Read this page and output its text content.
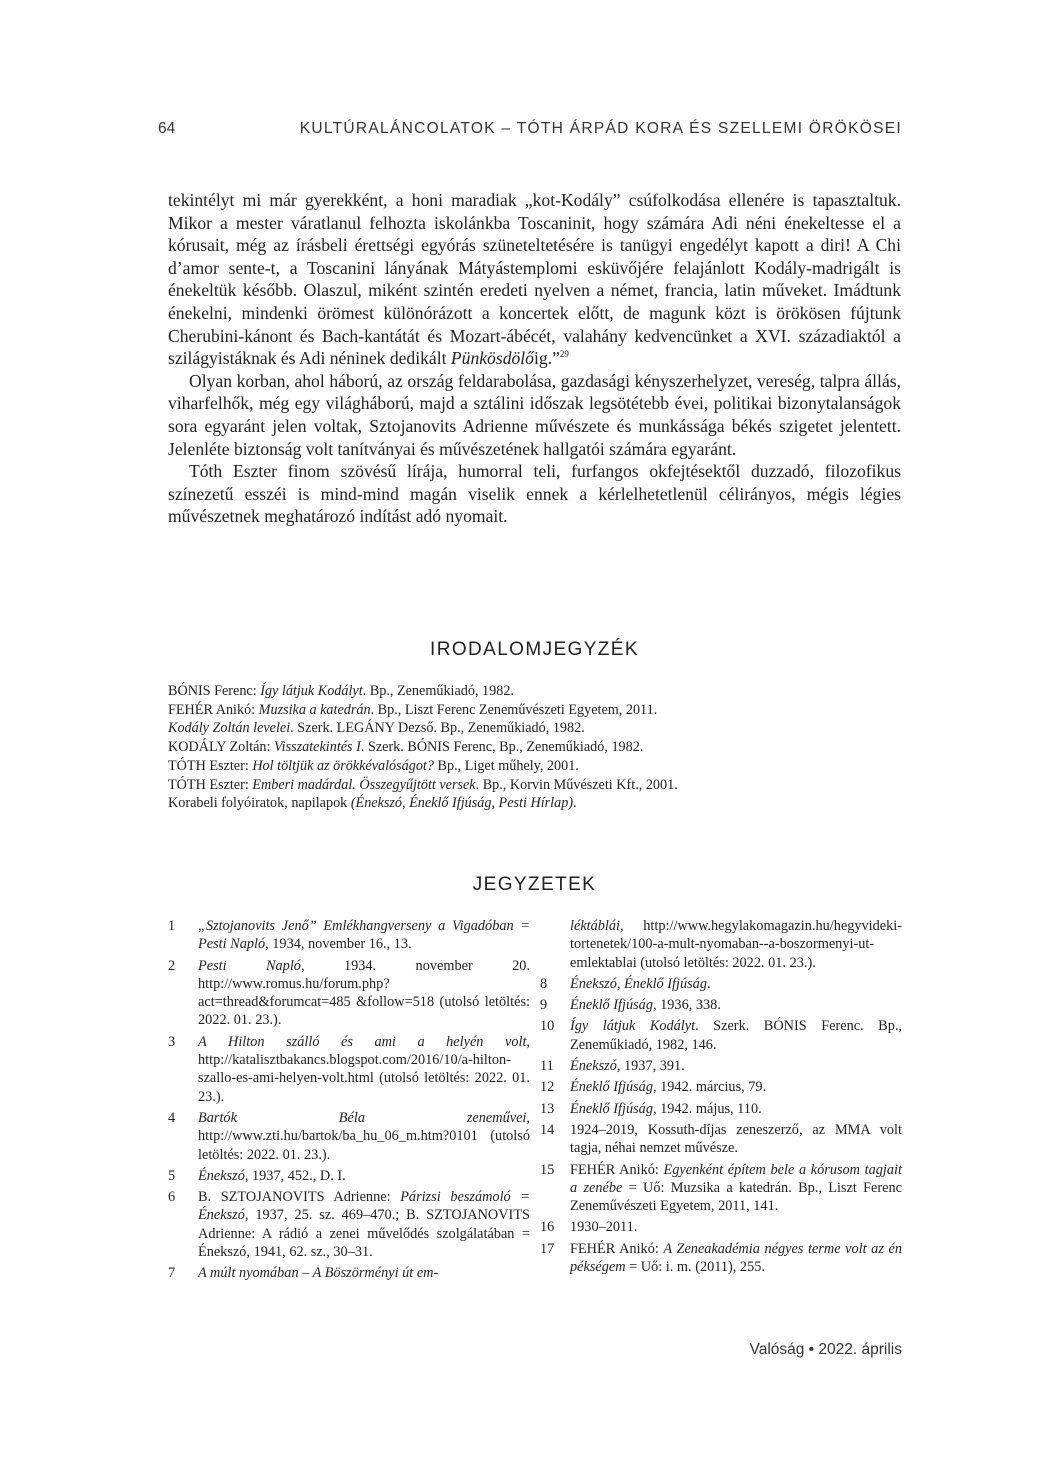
64	KULTÚRALÁNCOLATOK – TÓTH ÁRPÁD KORA ÉS SZELLEMI ÖRÖKÖSEI

tekintélyt mi már gyerekként, a honi maradiak „kot-Kodály” csúfolkodása ellenére is tapasztaltuk. Mikor a mester váratlanul felhozta iskolánkba Toscaninit, hogy számára Adi néni énekeltesse el a kórusait, még az írásbeli érettségi egyórás szüneteltetésére is tanügyi engedélyt kapott a diri! A Chi d’amor sente-t, a Toscanini lányának Mátyástemplomi esküvőjére felajánlott Kodály-madrigált is énekeltük később. Olaszul, miként szintén eredeti nyelven a német, francia, latin műveket. Imádtunk énekelni, mindenki örömest különórázott a koncertek előtt, de magunk közt is örökösen fújtunk Cherubini-kánont és Bach-kantátát és Mozart-ábécét, valahány kedvencünket a XVI. századiaktól a szilágyistáknak és Adi néninek dedikált Pünkösdölőig.”$^{29}$

Olyan korban, ahol háború, az ország feldarabolása, gazdasági kényszerhelyzet, vereség, talpra állás, viharfelhők, még egy világháború, majd a sztálini időszak legsötétebb évei, politikai bizonytalanságok sora egyaránt jelen voltak, Sztojanovits Adrienne művészete és munkássága békés szigetet jelentett. Jelenléte biztonság volt tanítványai és művészetének hallgatói számára egyaránt.

Tóth Eszter finom szövésű lírája, humorral teli, furfangos okfejtésektől duzzadó, filozofikus színezetű esszéi is mind-mind magán viselik ennek a kérlelhetetlenül célirányos, mégis légies művészetnek meghatározó indítást adó nyomait.

IRODALOMJEGYZÉK
BÓNIS Ferenc: Így látjuk Kodályt. Bp., Zeneműkiadó, 1982.
FEHÉR Anikó: Muzsika a katedrán. Bp., Liszt Ferenc Zeneművészeti Egyetem, 2011.
Kodály Zoltán levelei. Szerk. LEGÁNY Dezső. Bp., Zeneműkiadó, 1982.
KODÁLY Zoltán: Visszatekintés I. Szerk. BÓNIS Ferenc, Bp., Zeneműkiadó, 1982.
TÓTH Eszter: Hol töltjük az örökkévalóságot? Bp., Liget műhely, 2001.
TÓTH Eszter: Emberi madárdal. Összegyűjtött versek. Bp., Korvin Művészeti Kft., 2001.
Korabeli folyóiratok, napilapok (Énekszó, Éneklő Ifjúság, Pesti Hírlap).
JEGYZETEK
1 „Sztojanovits Jenő” Emlékhangverseny a Vigadóban = Pesti Napló, 1934, november 16., 13.
2 Pesti Napló, 1934. november 20. http://www.romus.hu/forum.php?act=thread&forumcat=485 &follow=518 (utolsó letöltés: 2022. 01. 23.).
3 A Hilton szálló és ami a helyén volt, http://katalisztbakancs.blogspot.com/2016/10/a-hilton-szallo-es-ami-helyen-volt.html (utolsó letöltés: 2022. 01. 23.).
4 Bartók Béla zeneművei, http://www.zti.hu/bartok/ba_hu_06_m.htm?0101 (utolsó letöltés: 2022. 01. 23.).
5 Énekszó, 1937, 452., D. I.
6 B. SZTOJANOVITS Adrienne: Párizsi beszámoló = Énekszó, 1937, 25. sz. 469–470.; B. SZTOJANOVITS Adrienne: A rádió a zenei művelődés szolgálatában = Énekszó, 1941, 62. sz., 30–31.
7 A múlt nyomában – A Böszörményi út em-
léktáblái, http://www.hegylakomagazin.hu/hegyvideki-tortenetek/100-a-mult-nyomaban--a-boszormenyi-ut-emlektablai (utolsó letöltés: 2022. 01. 23.).
8 Énekszó, Éneklő Ifjúság.
9 Éneklő Ifjúság, 1936, 338.
10 Így látjuk Kodályt. Szerk. BÓNIS Ferenc. Bp., Zeneműkiadó, 1982, 146.
11 Énekszó, 1937, 391.
12 Éneklő Ifjúság, 1942. március, 79.
13 Éneklő Ifjúság, 1942. május, 110.
14 1924–2019, Kossuth-díjas zeneszerző, az MMA volt tagja, néhai nemzet művésze.
15 FEHÉR Anikó: Egyenként építem bele a kórusom tagjait a zenébe = Uő: Muzsika a katedrán. Bp., Liszt Ferenc Zeneművészeti Egyetem, 2011, 141.
16 1930–2011.
17 FEHÉR Anikó: A Zeneakadémia négyes terme volt az én pékségem = Uő: i. m. (2011), 255.
Valóság • 2022. április
